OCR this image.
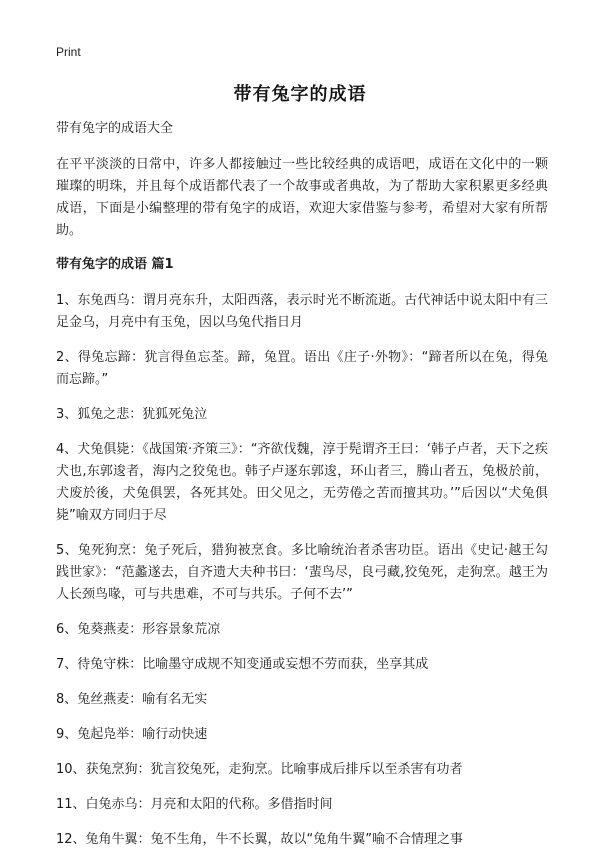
Print
带有兔字的成语

带有兔字的成语大全

在平平淡淡的日常中，许多人都接触过一些比较经典的成语吧，成语在文化中的一颗璀璨的明珠，并且每个成语都代表了一个故事或者典故，为了帮助大家积累更多经典成语，下面是小编整理的带有兔字的成语，欢迎大家借鉴与参考，希望对大家有所帮助。

带有兔字的成语 篇1

1、东兔西乌：谓月亮东升，太阳西落，表示时光不断流逝。古代神话中说太阳中有三足金乌，月亮中有玉兔，因以乌兔代指日月

2、得兔忘蹄：犹言得鱼忘荃。蹄，兔罝。语出《庄子·外物》：“蹄者所以在兔，得兔而忘蹄。”

3、狐兔之悲：犹狐死兔泣

4、犬兔俱毙：《战国策·齐策三》：“齐欲伐魏，淳于髡谓齐王曰：‘韩子卢者，天下之疾犬也,东郭逡者，海内之狡兔也。韩子卢逐东郭逡，环山者三，腾山者五，兔极於前，犬废於後，犬兔俱罢，各死其处。田父见之，无劳倦之苦而擅其功。’”后因以“犬兔俱毙”喻双方同归于尽

5、兔死狗烹：兔子死后，猎狗被烹食。多比喻统治者杀害功臣。语出《史记·越王勾践世家》：“范蠡遂去，自齐遗大夫种书曰：‘蜚鸟尽，良弓藏,狡兔死，走狗烹。越王为人长颈鸟喙，可与共患难，不可与共乐。子何不去’”

6、兔葵燕麦：形容景象荒凉

7、待兔守株：比喻墨守成规不知变通或妄想不劳而获，坐享其成

8、兔丝燕麦：喻有名无实

9、兔起凫举：喻行动快速

10、获兔烹狗：犹言狡兔死，走狗烹。比喻事成后排斥以至杀害有功者

11、白兔赤乌：月亮和太阳的代称。多借指时间

12、兔角牛翼：兔不生角，牛不长翼，故以“兔角牛翼”喻不合情理之事
